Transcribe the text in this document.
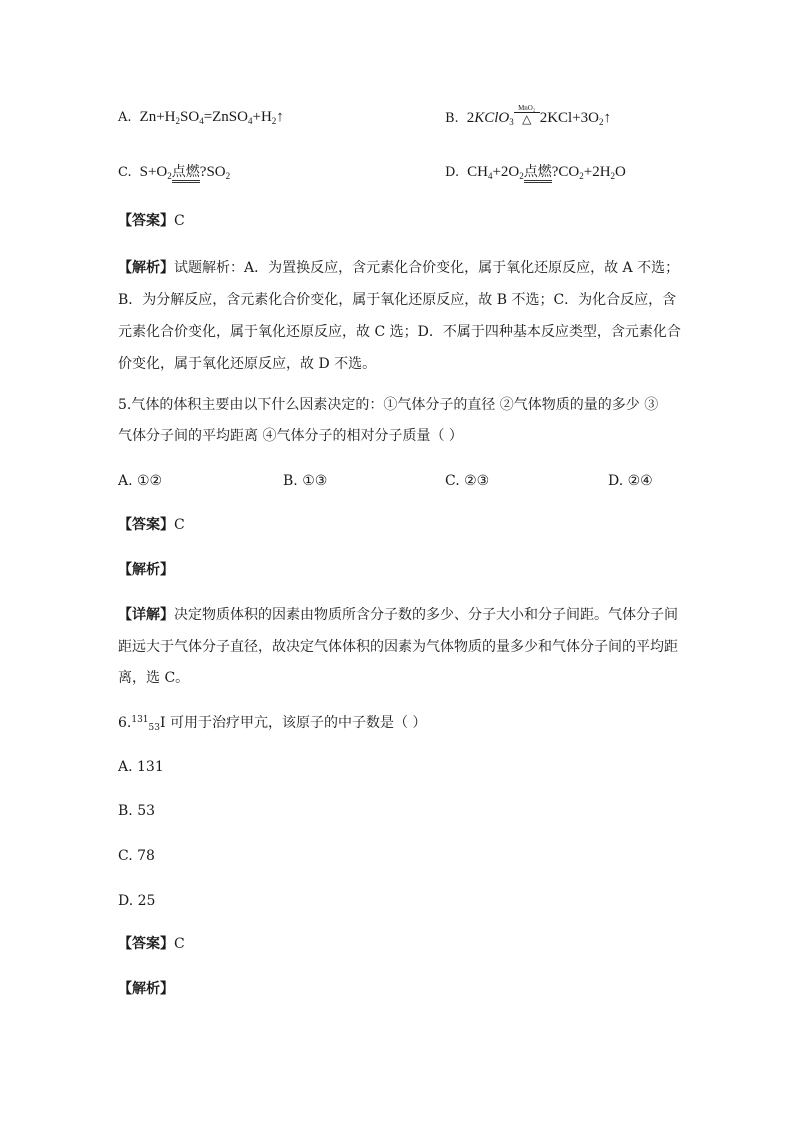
A. $Zn+H_2SO_4=ZnSO_4+H_2↑$	B. 2KClO$_3$
MnO₂
△ $2KCl+3O_2↑$
C. $S+O_2$点燃$?SO_2$	D. $CH_4+2O_2$点燃$?CO_2+2H_2O$
【答案】C
【解析】试题解析：A．为置换反应，含元素化合价变化，属于氧化还原反应，故 A 不选；
B．为分解反应，含元素化合价变化，属于氧化还原反应，故 B 不选；C．为化合反应，含
元素化合价变化，属于氧化还原反应，故 C 选；D．不属于四种基本反应类型，含元素化合
价变化，属于氧化还原反应，故 D 不选。
5.气体的体积主要由以下什么因素决定的：①气体分子的直径 ②气体物质的量的多少 ③
气体分子间的平均距离 ④气体分子的相对分子质量（ ）
A. ①②	B. ①③	C. ②③	D. ②④
【答案】C
【解析】
【详解】决定物质体积的因素由物质所含分子数的多少、分子大小和分子间距。气体分子间
距远大于气体分子直径，故决定气体体积的因素为气体物质的量多少和气体分子间的平均距
离，选 C。
6.$^{131}_{53}$I 可用于治疗甲亢，该原子的中子数是（ ）
A. 131
B. 53
C. 78
D. 25
【答案】C
【解析】
